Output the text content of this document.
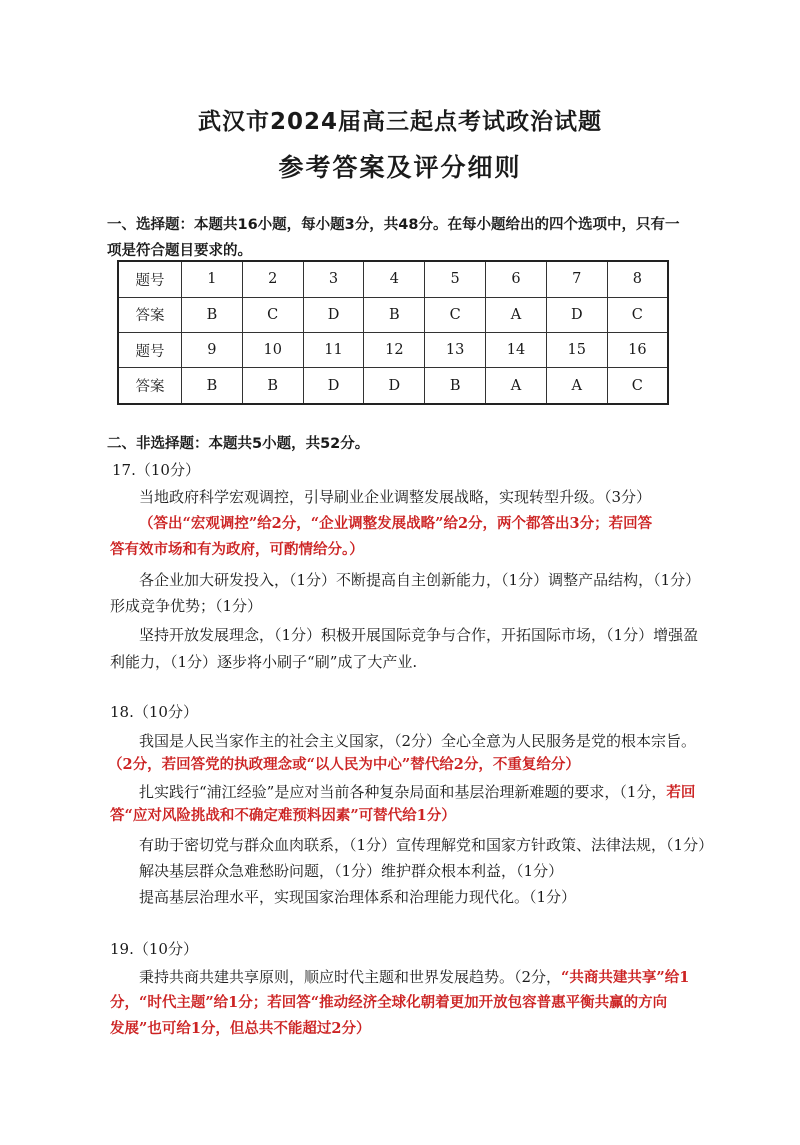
武汉市2024届高三起点考试政治试题
参考答案及评分细则
一、选择题：本题共16小题，每小题3分，共48分。在每小题给出的四个选项中，只有一
项是符合题目要求的。
题号	1	2	3	4	5	6	7	8
答案	B	C	D	B	C	A	D	C
题号	9	10	11	12	13	14	15	16
答案	B	B	D	D	B	A	A	C
二、非选择题：本题共5小题，共52分。
17.（10分）
当地政府科学宏观调控，引导刷业企业调整发展战略，实现转型升级。（3分）
（答出“宏观调控”给2分，“企业调整发展战略”给2分，两个都答出3分；若回答
答有效市场和有为政府，可酌情给分。）
各企业加大研发投入，（1分）不断提高自主创新能力，（1分）调整产品结构，（1分）
形成竞争优势；（1分）
坚持开放发展理念，（1分）积极开展国际竞争与合作，开拓国际市场，（1分）增强盈
利能力，（1分）逐步将小刷子“刷”成了大产业.
18.（10分）
我国是人民当家作主的社会主义国家，（2分）全心全意为人民服务是党的根本宗旨。
（2分，若回答党的执政理念或“以人民为中心”替代给2分，不重复给分）
扎实践行“浦江经验”是应对当前各种复杂局面和基层治理新难题的要求，（1分，若回
答“应对风险挑战和不确定难预料因素”可替代给1分）
有助于密切党与群众血肉联系，（1分）宣传理解党和国家方针政策、法律法规，（1分）
解决基层群众急难愁盼问题，（1分）维护群众根本利益，（1分）
提高基层治理水平，实现国家治理体系和治理能力现代化。（1分）
19.（10分）
秉持共商共建共享原则，顺应时代主题和世界发展趋势。（2分，“共商共建共享”给1
分，“时代主题”给1分；若回答“推动经济全球化朝着更加开放包容普惠平衡共赢的方向
发展”也可给1分，但总共不能超过2分）
